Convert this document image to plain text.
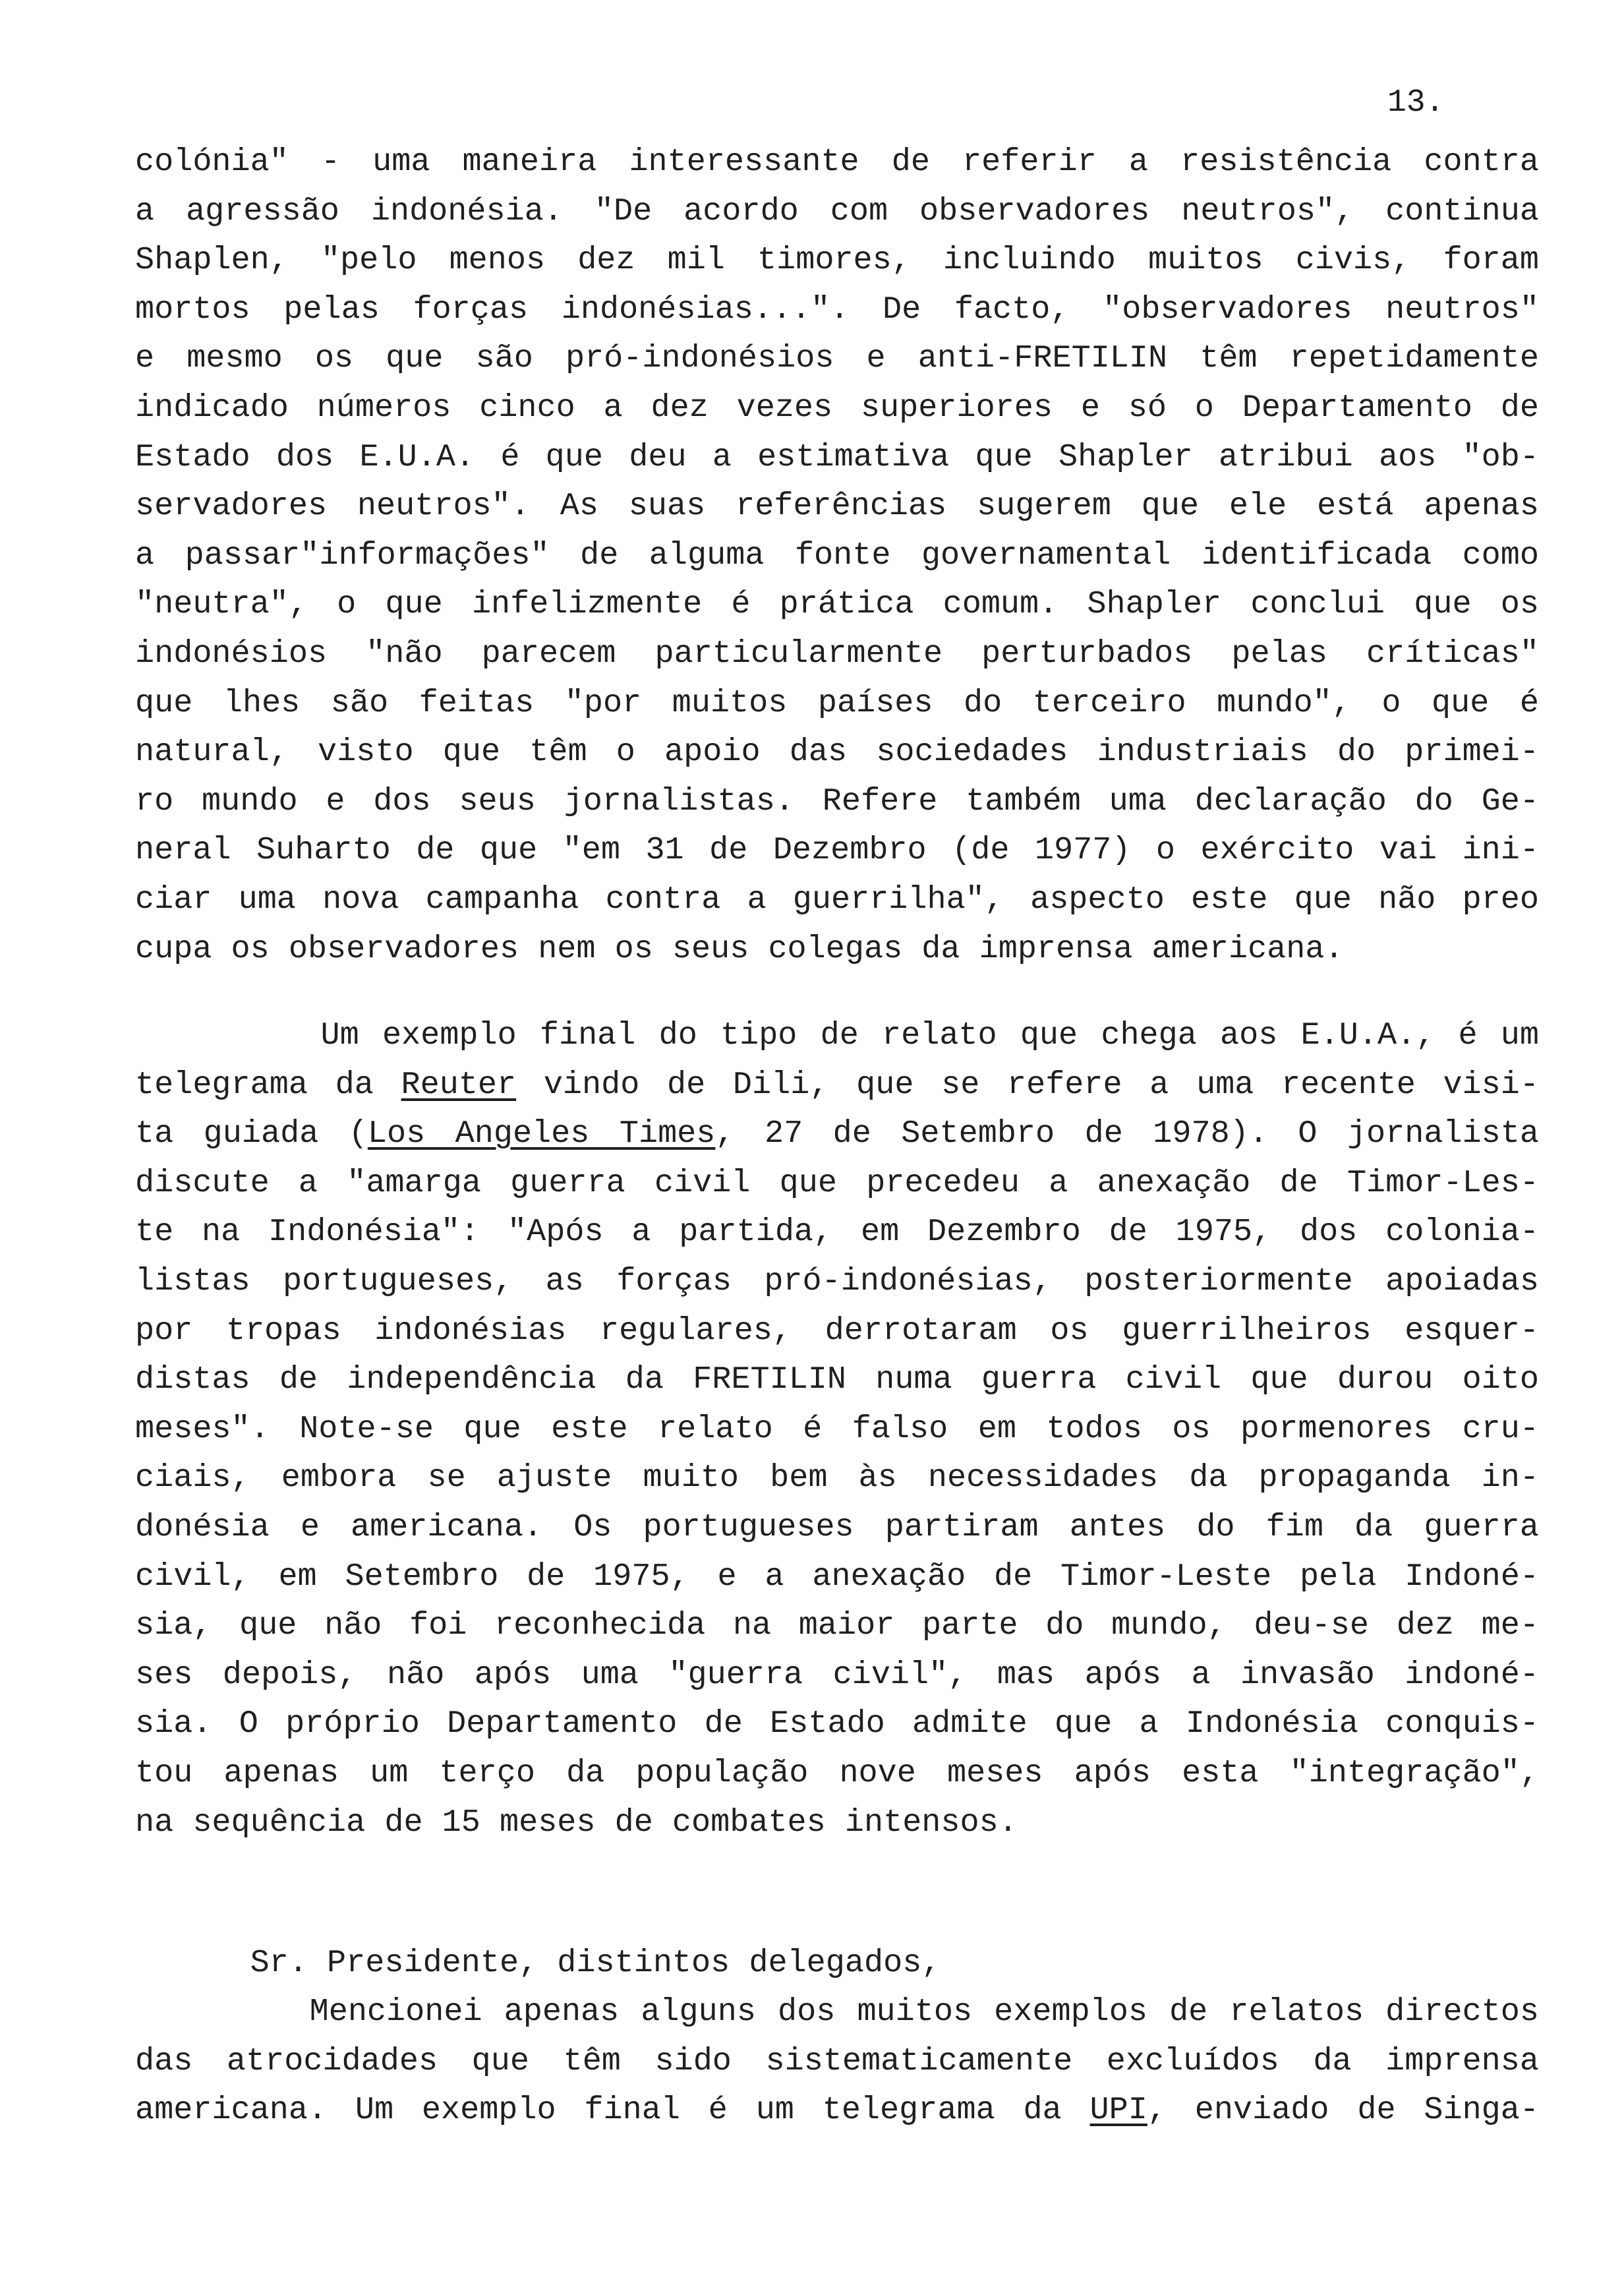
13.
colónia" - uma maneira interessante de referir a resistência contra
a agressão indonésia. "De acordo com observadores neutros", continua
Shaplen, "pelo menos dez mil timores, incluindo muitos civis, foram
mortos pelas forças indonésias...". De facto, "observadores neutros"
e mesmo os que são pró-indonésios e anti-FRETILIN têm repetidamente
indicado números cinco a dez vezes superiores e só o Departamento de
Estado dos E.U.A. é que deu a estimativa que Shapler atribui aos "ob-
servadores neutros". As suas referências sugerem que ele está apenas
a passar"informações" de alguma fonte governamental identificada como
"neutra", o que infelizmente é prática comum. Shapler conclui que os
indonésios "não parecem particularmente perturbados pelas críticas"
que lhes são feitas "por muitos países do terceiro mundo", o que é
natural, visto que têm o apoio das sociedades industriais do primei-
ro mundo e dos seus jornalistas. Refere também uma declaração do Ge-
neral Suharto de que "em 31 de Dezembro (de 1977) o exército vai ini-
ciar uma nova campanha contra a guerrilha", aspecto este que não preo
cupa os observadores nem os seus colegas da imprensa americana.
Um exemplo final do tipo de relato que chega aos E.U.A., é um
telegrama da Reuter vindo de Dili, que se refere a uma recente visi-
ta guiada (Los Angeles Times, 27 de Setembro de 1978). O jornalista
discute a "amarga guerra civil que precedeu a anexação de Timor-Les-
te na Indonésia": "Após a partida, em Dezembro de 1975, dos colonia-
listas portugueses, as forças pró-indonésias, posteriormente apoiadas
por tropas indonésias regulares, derrotaram os guerrilheiros esquer-
distas de independência da FRETILIN numa guerra civil que durou oito
meses". Note-se que este relato é falso em todos os pormenores cru-
ciais, embora se ajuste muito bem às necessidades da propaganda in-
donésia e americana. Os portugueses partiram antes do fim da guerra
civil, em Setembro de 1975, e a anexação de Timor-Leste pela Indoné-
sia, que não foi reconhecida na maior parte do mundo, deu-se dez me-
ses depois, não após uma "guerra civil", mas após a invasão indoné-
sia. O próprio Departamento de Estado admite que a Indonésia conquis-
tou apenas um terço da população nove meses após esta "integração",
na sequência de 15 meses de combates intensos.
Sr. Presidente, distintos delegados,
Mencionei apenas alguns dos muitos exemplos de relatos directos
das atrocidades que têm sido sistematicamente excluídos da imprensa
americana. Um exemplo final é um telegrama da UPI, enviado de Singa-
